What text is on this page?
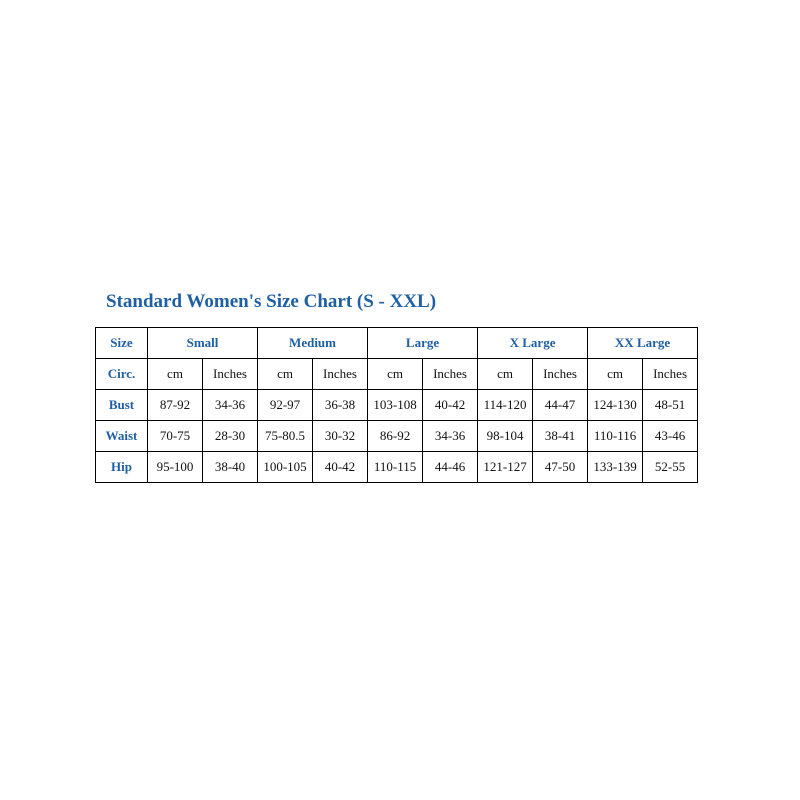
Standard Women's Size Chart (S - XXL)
Size	Small		Medium		Large		X Large		XX Large	
Circ.	cm	Inches	cm	Inches	cm	Inches	cm	Inches	cm	Inches
Bust	87-92	34-36	92-97	36-38	103-108	40-42	114-120	44-47	124-130	48-51
Waist	70-75	28-30	75-80.5	30-32	86-92	34-36	98-104	38-41	110-116	43-46
Hip	95-100	38-40	100-105	40-42	110-115	44-46	121-127	47-50	133-139	52-55
